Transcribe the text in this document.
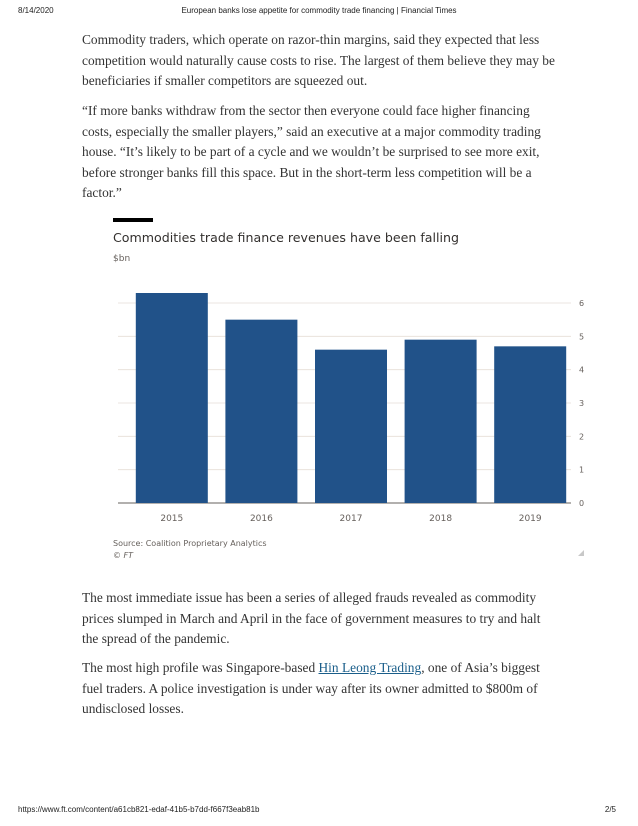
8/14/2020	European banks lose appetite for commodity trade financing | Financial Times

Commodity traders, which operate on razor-thin margins, said they expected that less competition would naturally cause costs to rise. The largest of them believe they may be beneficiaries if smaller competitors are squeezed out.

“If more banks withdraw from the sector then everyone could face higher financing costs, especially the smaller players,” said an executive at a major commodity trading house. “It’s likely to be part of a cycle and we wouldn’t be surprised to see more exit, before stronger banks fill this space. But in the short-term less competition will be a factor.”

Commodities trade finance revenues have been falling
$bn
0
1
2
3
4
5
6
2015	2016	2017	2018	2019
Source: Coalition Proprietary Analytics
© FT

The most immediate issue has been a series of alleged frauds revealed as commodity prices slumped in March and April in the face of government measures to try and halt the spread of the pandemic.

The most high profile was Singapore-based Hin Leong Trading, one of Asia’s biggest fuel traders. A police investigation is under way after its owner admitted to $800m of undisclosed losses.

https://www.ft.com/content/a61cb821-edaf-41b5-b7dd-f667f3eab81b	2/5
